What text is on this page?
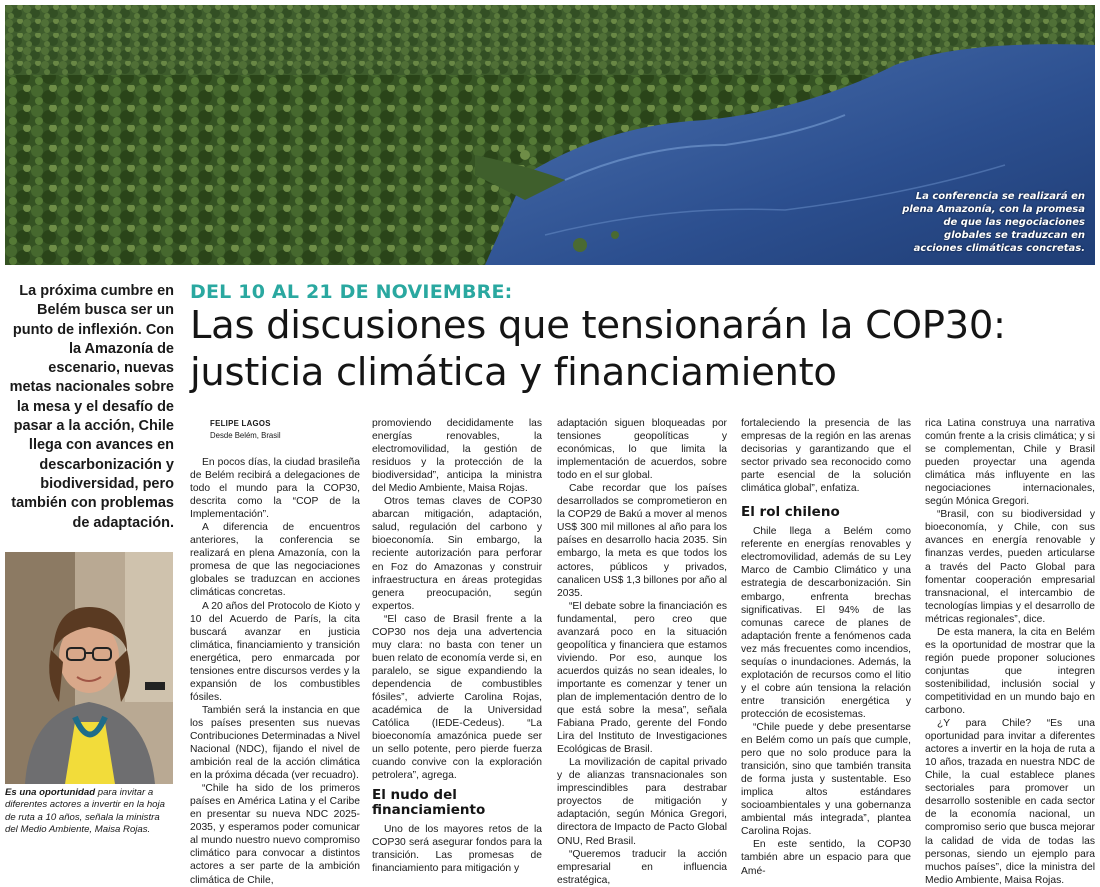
La conferencia se realizará en plena Amazonía, con la promesa de que las negociaciones globales se traduzcan en acciones climáticas concretas.
La próxima cumbre en Belém busca ser un punto de inflexión. Con la Amazonía de escenario, nuevas metas nacionales sobre la mesa y el desafío de pasar a la acción, Chile llega con avances en descarbonización y biodiversidad, pero también con problemas de adaptación.
Es una oportunidad para invitar a diferentes actores a invertir en la hoja de ruta a 10 años, señala la ministra del Medio Ambiente, Maisa Rojas.
DEL 10 AL 21 DE NOVIEMBRE:
Las discusiones que tensionarán la COP30:
justicia climática y financiamiento
FELIPE LAGOS
Desde Belém, Brasil

En pocos días, la ciudad brasileña de Belém recibirá a delegaciones de todo el mundo para la COP30, descrita como la “COP de la Implementación”.

A diferencia de encuentros anteriores, la conferencia se realizará en plena Amazonía, con la promesa de que las negociaciones globales se traduzcan en acciones climáticas concretas.

A 20 años del Protocolo de Kioto y 10 del Acuerdo de París, la cita buscará avanzar en justicia climática, financiamiento y transición energética, pero enmarcada por tensiones entre discursos verdes y la expansión de los combustibles fósiles.

También será la instancia en que los países presenten sus nuevas Contribuciones Determinadas a Nivel Nacional (NDC), fijando el nivel de ambición real de la acción climática en la próxima década (ver recuadro).

“Chile ha sido de los primeros países en América Latina y el Caribe en presentar su nueva NDC 2025-2035, y esperamos poder comunicar al mundo nuestro nuevo compromiso climático para convocar a distintos actores a ser parte de la ambición climática de Chile,

promoviendo decididamente las energías renovables, la electromovilidad, la gestión de residuos y la protección de la biodiversidad”, anticipa la ministra del Medio Ambiente, Maisa Rojas.

Otros temas claves de COP30 abarcan mitigación, adaptación, salud, regulación del carbono y bioeconomía. Sin embargo, la reciente autorización para perforar en Foz do Amazonas y construir infraestructura en áreas protegidas genera preocupación, según expertos.

“El caso de Brasil frente a la COP30 nos deja una advertencia muy clara: no basta con tener un buen relato de economía verde si, en paralelo, se sigue expandiendo la dependencia de combustibles fósiles”, advierte Carolina Rojas, académica de la Universidad Católica (IEDE-Cedeus). “La bioeconomía amazónica puede ser un sello potente, pero pierde fuerza cuando convive con la exploración petrolera”, agrega.

El nudo del financiamiento

Uno de los mayores retos de la COP30 será asegurar fondos para la transición. Las promesas de financiamiento para mitigación y

adaptación siguen bloqueadas por tensiones geopolíticas y económicas, lo que limita la implementación de acuerdos, sobre todo en el sur global.

Cabe recordar que los países desarrollados se comprometieron en la COP29 de Bakú a mover al menos US$ 300 mil millones al año para los países en desarrollo hacia 2035. Sin embargo, la meta es que todos los actores, públicos y privados, canalicen US$ 1,3 billones por año al 2035.

“El debate sobre la financiación es fundamental, pero creo que avanzará poco en la situación geopolítica y financiera que estamos viviendo. Por eso, aunque los acuerdos quizás no sean ideales, lo importante es comenzar y tener un plan de implementación dentro de lo que está sobre la mesa”, señala Fabiana Prado, gerente del Fondo Lira del Instituto de Investigaciones Ecológicas de Brasil.

La movilización de capital privado y de alianzas transnacionales son imprescindibles para destrabar proyectos de mitigación y adaptación, según Mónica Gregori, directora de Impacto de Pacto Global ONU, Red Brasil.

“Queremos traducir la acción empresarial en influencia estratégica,

fortaleciendo la presencia de las empresas de la región en las arenas decisorias y garantizando que el sector privado sea reconocido como parte esencial de la solución climática global”, enfatiza.

El rol chileno

Chile llega a Belém como referente en energías renovables y electromovilidad, además de su Ley Marco de Cambio Climático y una estrategia de descarbonización. Sin embargo, enfrenta brechas significativas. El 94% de las comunas carece de planes de adaptación frente a fenómenos cada vez más frecuentes como incendios, sequías o inundaciones. Además, la explotación de recursos como el litio y el cobre aún tensiona la relación entre transición energética y protección de ecosistemas.

“Chile puede y debe presentarse en Belém como un país que cumple, pero que no solo produce para la transición, sino que también transita de forma justa y sustentable. Eso implica altos estándares socioambientales y una gobernanza ambiental más integrada”, plantea Carolina Rojas.

En este sentido, la COP30 también abre un espacio para que Amé-

rica Latina construya una narrativa común frente a la crisis climática; y si se complementan, Chile y Brasil pueden proyectar una agenda climática más influyente en las negociaciones internacionales, según Mónica Gregori.

“Brasil, con su biodiversidad y bioeconomía, y Chile, con sus avances en energía renovable y finanzas verdes, pueden articularse a través del Pacto Global para fomentar cooperación empresarial transnacional, el intercambio de tecnologías limpias y el desarrollo de métricas regionales”, dice.

De esta manera, la cita en Belém es la oportunidad de mostrar que la región puede proponer soluciones conjuntas que integren sostenibilidad, inclusión social y competitividad en un mundo bajo en carbono.

¿Y para Chile? “Es una oportunidad para invitar a diferentes actores a invertir en la hoja de ruta a 10 años, trazada en nuestra NDC de Chile, la cual establece planes sectoriales para promover un desarrollo sostenible en cada sector de la economía nacional, un compromiso serio que busca mejorar la calidad de vida de todas las personas, siendo un ejemplo para muchos países”, dice la ministra del Medio Ambiente, Maisa Rojas.
